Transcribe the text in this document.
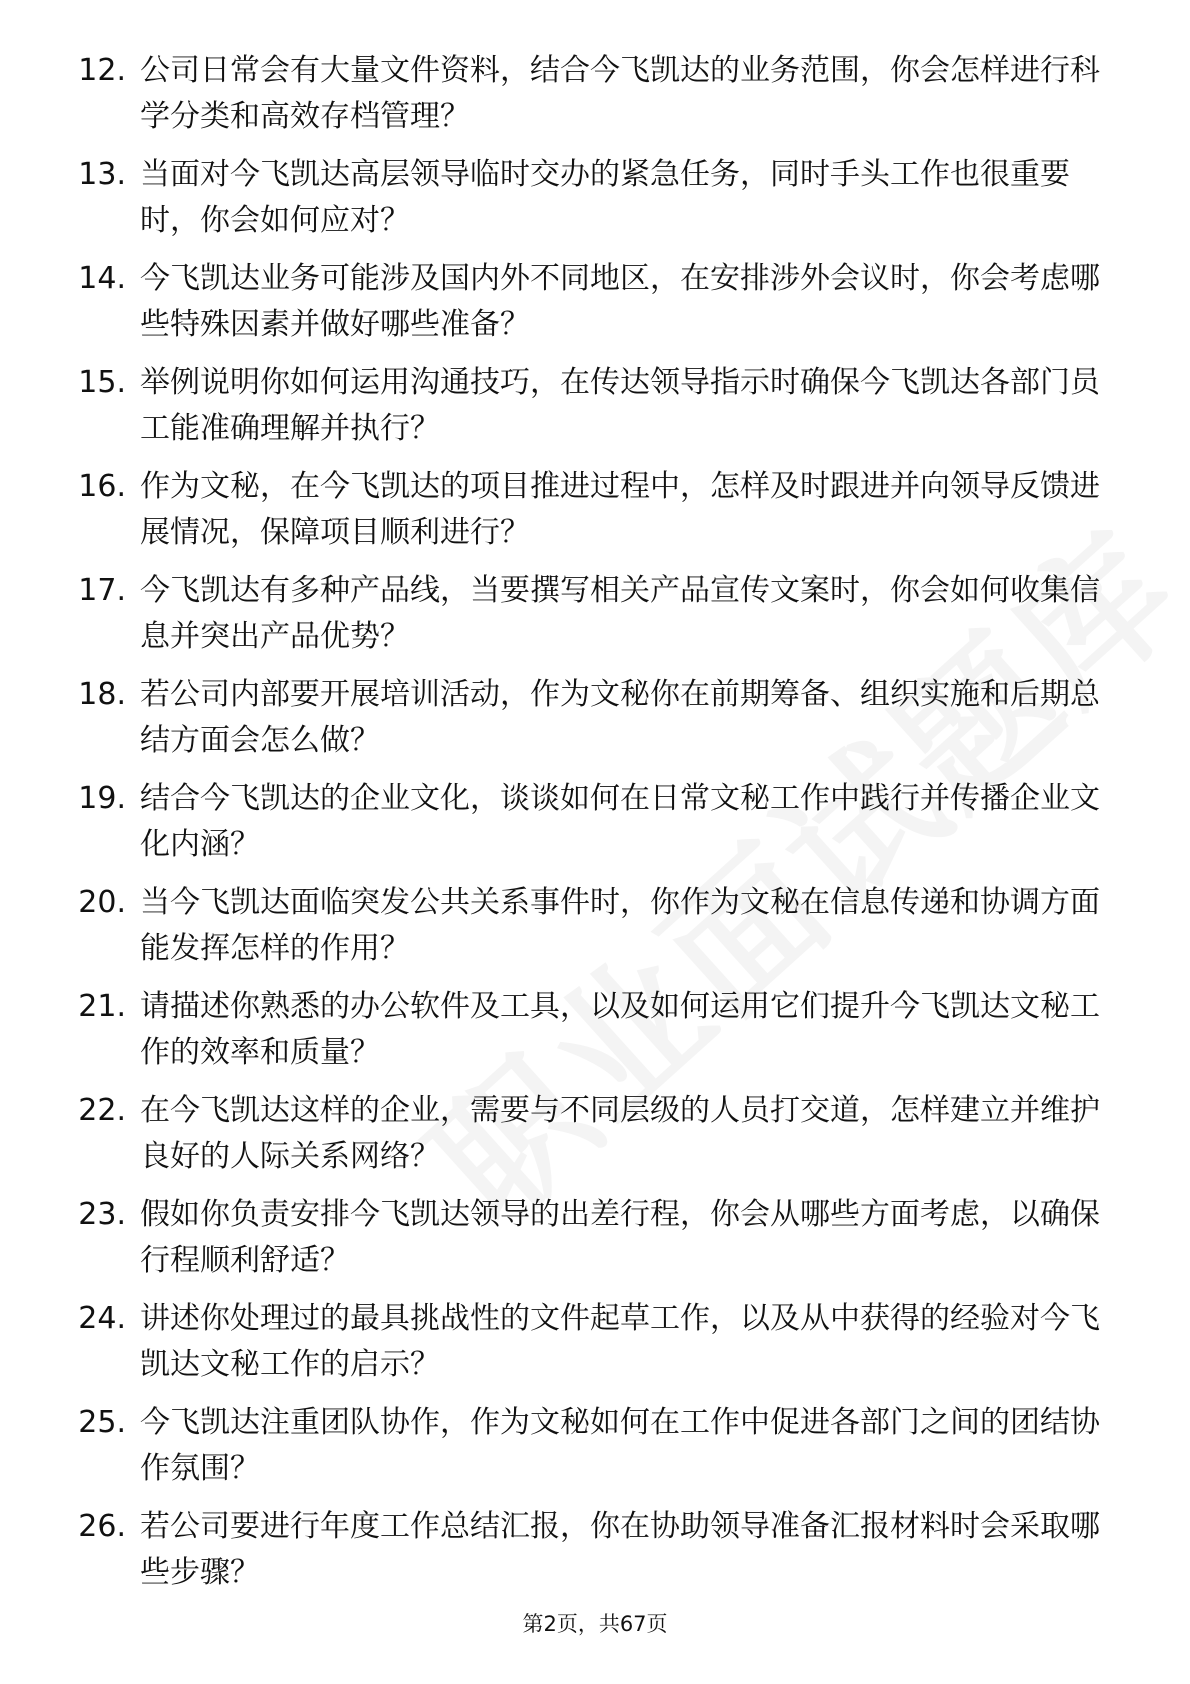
12. 公司日常会有大量文件资料，结合今飞凯达的业务范围，你会怎样进行科学分类和高效存档管理？
13. 当面对今飞凯达高层领导临时交办的紧急任务，同时手头工作也很重要时，你会如何应对？
14. 今飞凯达业务可能涉及国内外不同地区，在安排涉外会议时，你会考虑哪些特殊因素并做好哪些准备？
15. 举例说明你如何运用沟通技巧，在传达领导指示时确保今飞凯达各部门员工能准确理解并执行？
16. 作为文秘，在今飞凯达的项目推进过程中，怎样及时跟进并向领导反馈进展情况，保障项目顺利进行？
17. 今飞凯达有多种产品线，当要撰写相关产品宣传文案时，你会如何收集信息并突出产品优势？
18. 若公司内部要开展培训活动，作为文秘你在前期筹备、组织实施和后期总结方面会怎么做？
19. 结合今飞凯达的企业文化，谈谈如何在日常文秘工作中践行并传播企业文化内涵？
20. 当今飞凯达面临突发公共关系事件时，你作为文秘在信息传递和协调方面能发挥怎样的作用？
21. 请描述你熟悉的办公软件及工具，以及如何运用它们提升今飞凯达文秘工作的效率和质量？
22. 在今飞凯达这样的企业，需要与不同层级的人员打交道，怎样建立并维护良好的人际关系网络？
23. 假如你负责安排今飞凯达领导的出差行程，你会从哪些方面考虑，以确保行程顺利舒适？
24. 讲述你处理过的最具挑战性的文件起草工作，以及从中获得的经验对今飞凯达文秘工作的启示？
25. 今飞凯达注重团队协作，作为文秘如何在工作中促进各部门之间的团结协作氛围？
26. 若公司要进行年度工作总结汇报，你在协助领导准备汇报材料时会采取哪些步骤？
第2页，共67页
